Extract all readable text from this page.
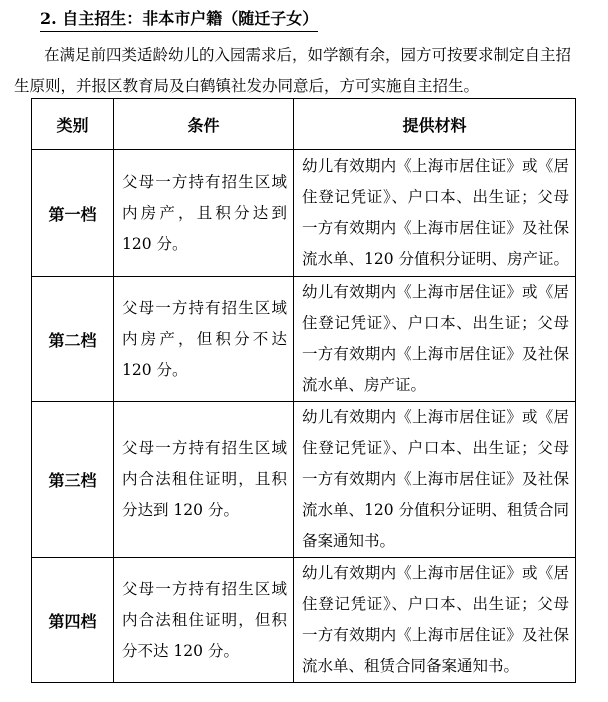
2. 自主招生：非本市户籍（随迁子女）
在满足前四类适龄幼儿的入园需求后，如学额有余，园方可按要求制定自主招生原则，并报区教育局及白鹤镇社发办同意后，方可实施自主招生。
类别	条件	提供材料
第一档	父母一方持有招生区域内房产，且积分达到 120 分。	幼儿有效期内《上海市居住证》或《居住登记凭证》、户口本、出生证；父母一方有效期内《上海市居住证》及社保流水单、120 分值积分证明、房产证。
第二档	父母一方持有招生区域内房产，但积分不达 120 分。	幼儿有效期内《上海市居住证》或《居住登记凭证》、户口本、出生证；父母一方有效期内《上海市居住证》及社保流水单、房产证。
第三档	父母一方持有招生区域内合法租住证明，且积分达到 120 分。	幼儿有效期内《上海市居住证》或《居住登记凭证》、户口本、出生证；父母一方有效期内《上海市居住证》及社保流水单、120 分值积分证明、租赁合同备案通知书。
第四档	父母一方持有招生区域内合法租住证明，但积分不达 120 分。	幼儿有效期内《上海市居住证》或《居住登记凭证》、户口本、出生证；父母一方有效期内《上海市居住证》及社保流水单、租赁合同备案通知书。
